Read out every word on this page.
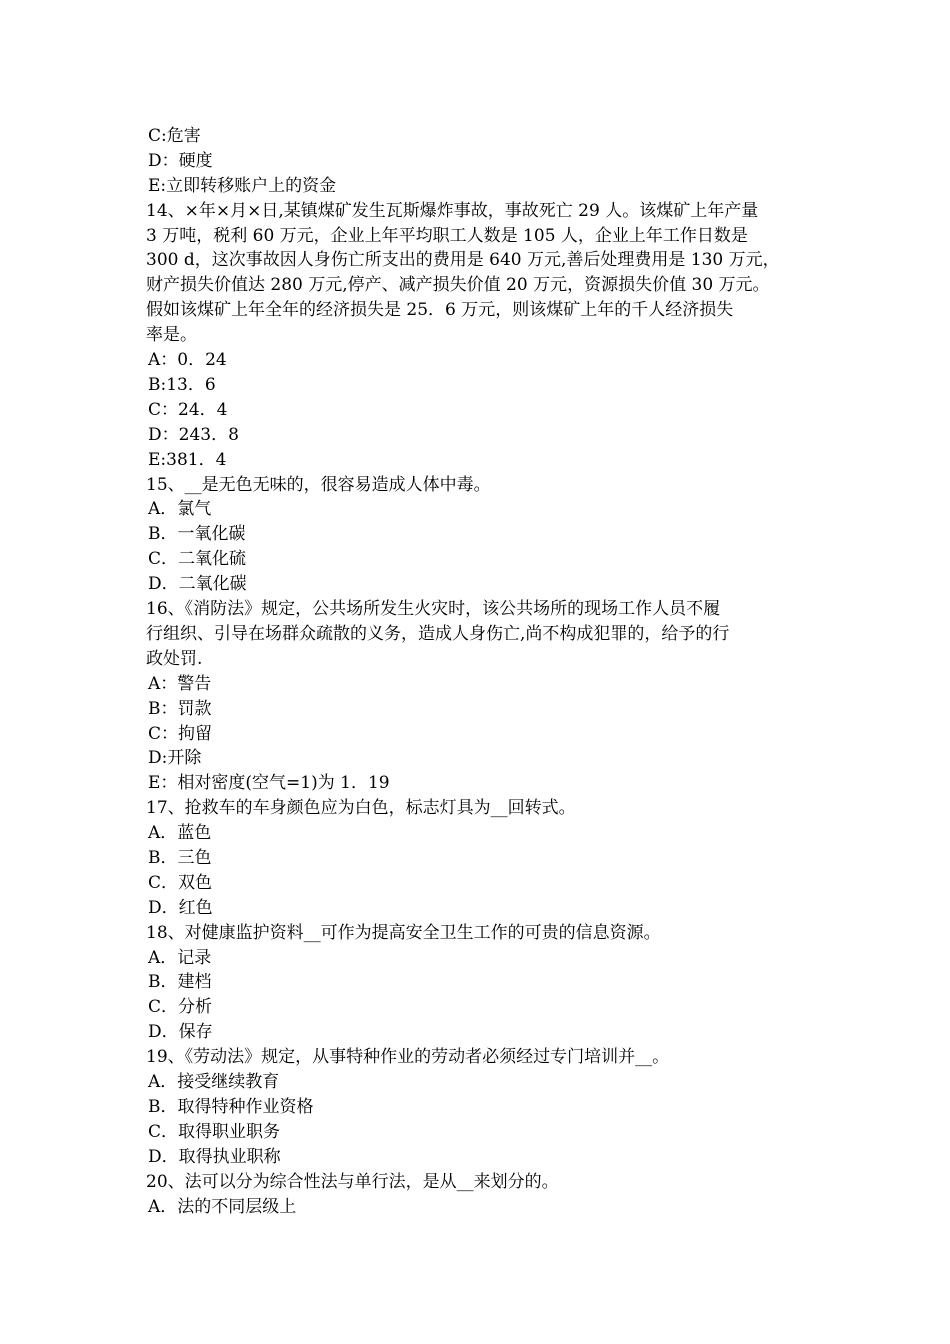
C:危害
D：硬度
E:立即转移账户上的资金
14、×年×月×日,某镇煤矿发生瓦斯爆炸事故，事故死亡 29 人。该煤矿上年产量
3 万吨，税利 60 万元，企业上年平均职工人数是 105 人，企业上年工作日数是
300 d，这次事故因人身伤亡所支出的费用是 640 万元,善后处理费用是 130 万元，
财产损失价值达 280 万元,停产、减产损失价值 20 万元，资源损失价值 30 万元。
假如该煤矿上年全年的经济损失是 25．6 万元，则该煤矿上年的千人经济损失
率是。
A：0．24
B:13．6
C：24．4
D：243．8
E:381．4
15、__是无色无味的，很容易造成人体中毒。
A．氯气
B．一氧化碳
C．二氧化硫
D．二氧化碳
16、《消防法》规定，公共场所发生火灾时，该公共场所的现场工作人员不履
行组织、引导在场群众疏散的义务，造成人身伤亡,尚不构成犯罪的，给予的行
政处罚.
A：警告
B：罚款
C：拘留
D:开除
E：相对密度(空气=1)为 1．19
17、抢救车的车身颜色应为白色，标志灯具为__回转式。
A．蓝色
B．三色
C．双色
D．红色
18、对健康监护资料__可作为提高安全卫生工作的可贵的信息资源。
A．记录
B．建档
C．分析
D．保存
19、《劳动法》规定，从事特种作业的劳动者必须经过专门培训并__。
A．接受继续教育
B．取得特种作业资格
C．取得职业职务
D．取得执业职称
20、法可以分为综合性法与单行法，是从__来划分的。
A．法的不同层级上
